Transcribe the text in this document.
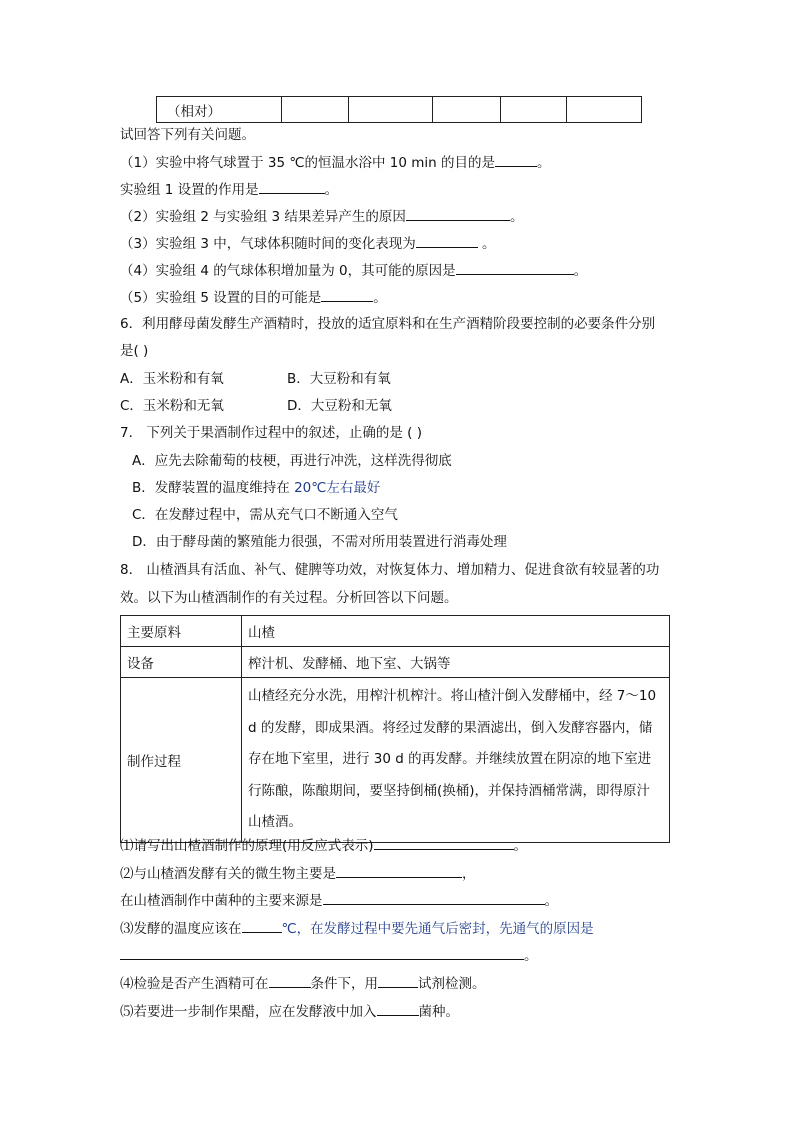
（相对）					
试回答下列有关问题。
（1）实验中将气球置于 35 ℃的恒温水浴中 10 min 的目的是	。
实验组 1 设置的作用是	。
（2）实验组 2 与实验组 3 结果差异产生的原因	。
（3）实验组 3 中，气球体积随时间的变化表现为	。
（4）实验组 4 的气球体积增加量为 0，其可能的原因是	。
（5）实验组 5 设置的目的可能是	。
6．利用酵母菌发酵生产酒精时，投放的适宜原料和在生产酒精阶段要控制的必要条件分别
是( )
A．玉米粉和有氧	B．大豆粉和有氧
C．玉米粉和无氧	D．大豆粉和无氧
7． 下列关于果酒制作过程中的叙述，止确的是 ( )
A．应先去除葡萄的枝梗，再进行冲洗，这样洗得彻底
B．发酵装置的温度维持在 20℃左右最好
C．在发酵过程中，需从充气口不断通入空气
D．由于酵母菌的繁殖能力很强，不需对所用装置进行消毒处理
8． 山楂酒具有活血、补气、健脾等功效，对恢复体力、增加精力、促进食欲有较显著的功
效。以下为山楂酒制作的有关过程。分析回答以下问题。
主要原料	山楂
设备	榨汁机、发酵桶、地下室、大锅等
制作过程	山楂经充分水洗，用榨汁机榨汁。将山楂汁倒入发酵桶中，经 7～10 d 的发酵，即成果酒。将经过发酵的果酒滤出，倒入发酵容器内，储存在地下室里，进行 30 d 的再发酵。并继续放置在阴凉的地下室进行陈酿，陈酿期间，要坚持倒桶(换桶)，并保持酒桶常满，即得原汁山楂酒。
⑴请写出山楂酒制作的原理(用反应式表示)	。
⑵与山楂酒发酵有关的微生物主要是	，
在山楂酒制作中菌种的主要来源是	。
⑶发酵的温度应该在	℃，在发酵过程中要先通气后密封，先通气的原因是
。
⑷检验是否产生酒精可在	条件下，用	试剂检测。
⑸若要进一步制作果醋，应在发酵液中加入	菌种。
